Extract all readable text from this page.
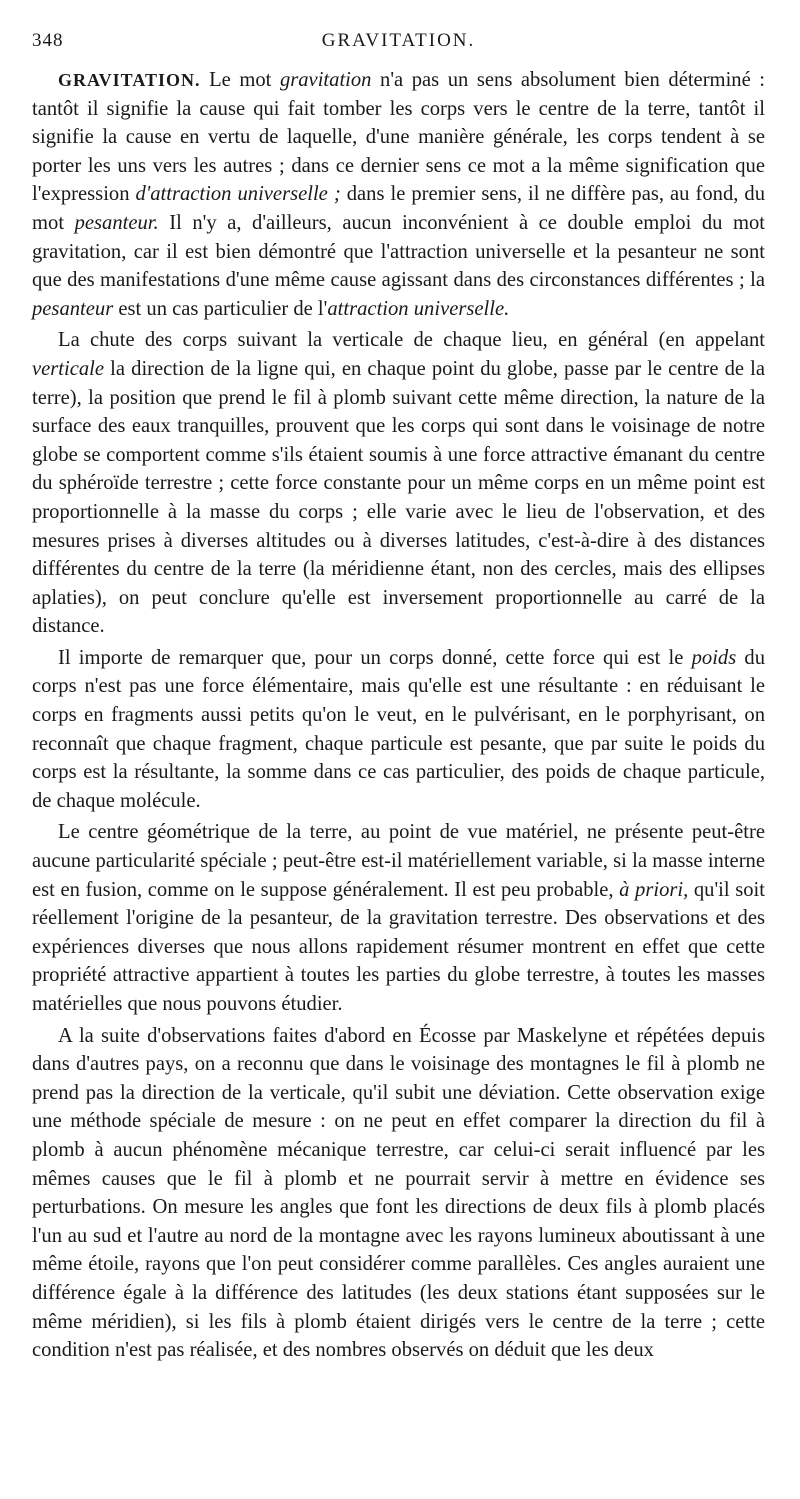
348	GRAVITATION.

GRAVITATION. Le mot gravitation n'a pas un sens absolument bien déterminé : tantôt il signifie la cause qui fait tomber les corps vers le centre de la terre, tantôt il signifie la cause en vertu de laquelle, d'une manière générale, les corps tendent à se porter les uns vers les autres ; dans ce dernier sens ce mot a la même signification que l'expression d'attraction universelle ; dans le premier sens, il ne diffère pas, au fond, du mot pesanteur. Il n'y a, d'ailleurs, aucun inconvénient à ce double emploi du mot gravitation, car il est bien démontré que l'attraction universelle et la pesanteur ne sont que des manifestations d'une même cause agissant dans des circonstances différentes ; la pesanteur est un cas particulier de l'attraction universelle.

La chute des corps suivant la verticale de chaque lieu, en général (en appelant verticale la direction de la ligne qui, en chaque point du globe, passe par le centre de la terre), la position que prend le fil à plomb suivant cette même direction, la nature de la surface des eaux tranquilles, prouvent que les corps qui sont dans le voisinage de notre globe se comportent comme s'ils étaient soumis à une force attractive émanant du centre du sphéroïde terrestre ; cette force constante pour un même corps en un même point est proportionnelle à la masse du corps ; elle varie avec le lieu de l'observation, et des mesures prises à diverses altitudes ou à diverses latitudes, c'est-à-dire à des distances différentes du centre de la terre (la méridienne étant, non des cercles, mais des ellipses aplaties), on peut conclure qu'elle est inversement proportionnelle au carré de la distance.

Il importe de remarquer que, pour un corps donné, cette force qui est le poids du corps n'est pas une force élémentaire, mais qu'elle est une résultante : en réduisant le corps en fragments aussi petits qu'on le veut, en le pulvérisant, en le porphyrisant, on reconnaît que chaque fragment, chaque particule est pesante, que par suite le poids du corps est la résultante, la somme dans ce cas particulier, des poids de chaque particule, de chaque molécule.

Le centre géométrique de la terre, au point de vue matériel, ne présente peut-être aucune particularité spéciale ; peut-être est-il matériellement variable, si la masse interne est en fusion, comme on le suppose généralement. Il est peu probable, à priori, qu'il soit réellement l'origine de la pesanteur, de la gravitation terrestre. Des observations et des expériences diverses que nous allons rapidement résumer montrent en effet que cette propriété attractive appartient à toutes les parties du globe terrestre, à toutes les masses matérielles que nous pouvons étudier.

A la suite d'observations faites d'abord en Écosse par Maskelyne et répétées depuis dans d'autres pays, on a reconnu que dans le voisinage des montagnes le fil à plomb ne prend pas la direction de la verticale, qu'il subit une déviation. Cette observation exige une méthode spéciale de mesure : on ne peut en effet comparer la direction du fil à plomb à aucun phénomène mécanique terrestre, car celui-ci serait influencé par les mêmes causes que le fil à plomb et ne pourrait servir à mettre en évidence ses perturbations. On mesure les angles que font les directions de deux fils à plomb placés l'un au sud et l'autre au nord de la montagne avec les rayons lumineux aboutissant à une même étoile, rayons que l'on peut considérer comme parallèles. Ces angles auraient une différence égale à la différence des latitudes (les deux stations étant supposées sur le même méridien), si les fils à plomb étaient dirigés vers le centre de la terre ; cette condition n'est pas réalisée, et des nombres observés on déduit que les deux
